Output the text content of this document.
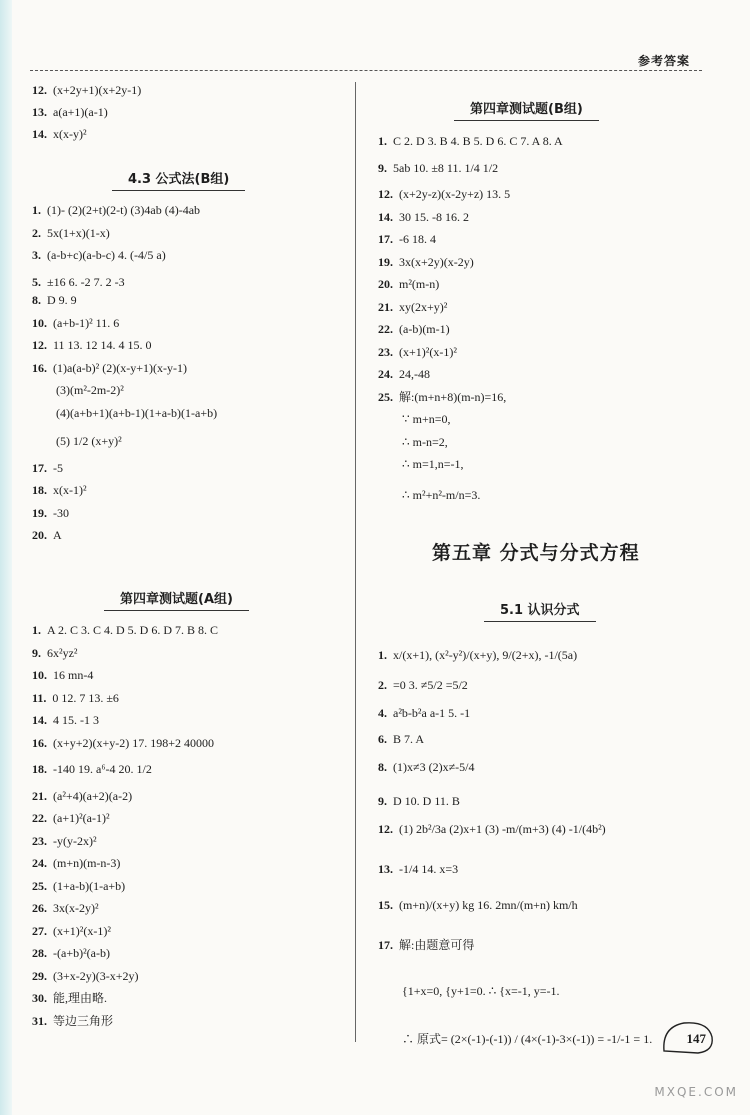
参考答案
12. (x+2y+1)(x+2y-1)
13. a(a+1)(a-1)
14. x(x-y)²
4.3 公式法(B组)
1. (1)- (2)(2+t)(2-t) (3)4ab (4)-4ab
2. 5x(1+x)(1-x)
3. (a-b+c)(a-b-c) 4. (-4/5 a)
5. ±16 6. -2 7. 2 -3
8. D 9. 9
10. (a+b-1)² 11. 6
12. 11 13. 12 14. 4 15. 0
16. (1)a(a-b)² (2)(x-y+1)(x-y-1)
(3)(m²-2m-2)²
(4)(a+b+1)(a+b-1)(1+a-b)(1-a+b)
(5) 1/2 (x+y)²
17. -5
18. x(x-1)²
19. -30
20. A
第四章测试题(A组)
1. A 2. C 3. C 4. D 5. D 6. D 7. B 8. C
9. 6x²yz²
10. 16 mn-4
11. 0 12. 7 13. ±6
14. 4 15. -1 3
16. (x+y+2)(x+y-2) 17. 198+2 40000
18. -140 19. a⁶-4 20. 1/2
21. (a²+4)(a+2)(a-2)
22. (a+1)²(a-1)²
23. -y(y-2x)²
24. (m+n)(m-n-3)
25. (1+a-b)(1-a+b)
26. 3x(x-2y)²
27. (x+1)²(x-1)²
28. -(a+b)²(a-b)
29. (3+x-2y)(3-x+2y)
30. 能,理由略.
31. 等边三角形
第四章测试题(B组)
1. C 2. D 3. B 4. B 5. D 6. C 7. A 8. A
9. 5ab 10. ±8 11. 1/4 1/2
12. (x+2y-z)(x-2y+z) 13. 5
14. 30 15. -8 16. 2
17. -6 18. 4
19. 3x(x+2y)(x-2y)
20. m²(m-n)
21. xy(2x+y)²
22. (a-b)(m-1)
23. (x+1)²(x-1)²
24. 24,-48
25. 解:(m+n+8)(m-n)=16,
∵ m+n=0,
∴ m-n=2,
∴ m=1,n=-1,
∴ m²+n²-m/n=3.
5.1 认识分式
1. x/(x+1), (x²-y²)/(x+y), 9/(2+x), -1/(5a)
2. =0 3. ≠5/2 =5/2
4. a²b-b²a a-1 5. -1
6. B 7. A
8. (1)x≠3 (2)x≠-5/4
9. D 10. D 11. B
12. (1) 2b²/3a (2)x+1 (3) -m/(m+3) (4) -1/(4b²)
13. -1/4 14. x=3
15. (m+n)/(x+y) kg 16. 2mn/(m+n) km/h
17. 解:由题意可得
{1+x=0, {y+1=0. ∴ {x=-1, y=-1.
∴ 原式= (2×(-1)-(-1)) / (4×(-1)-3×(-1)) = -1/-1 = 1.
第五章 分式与分式方程
147
MXQE.COM
